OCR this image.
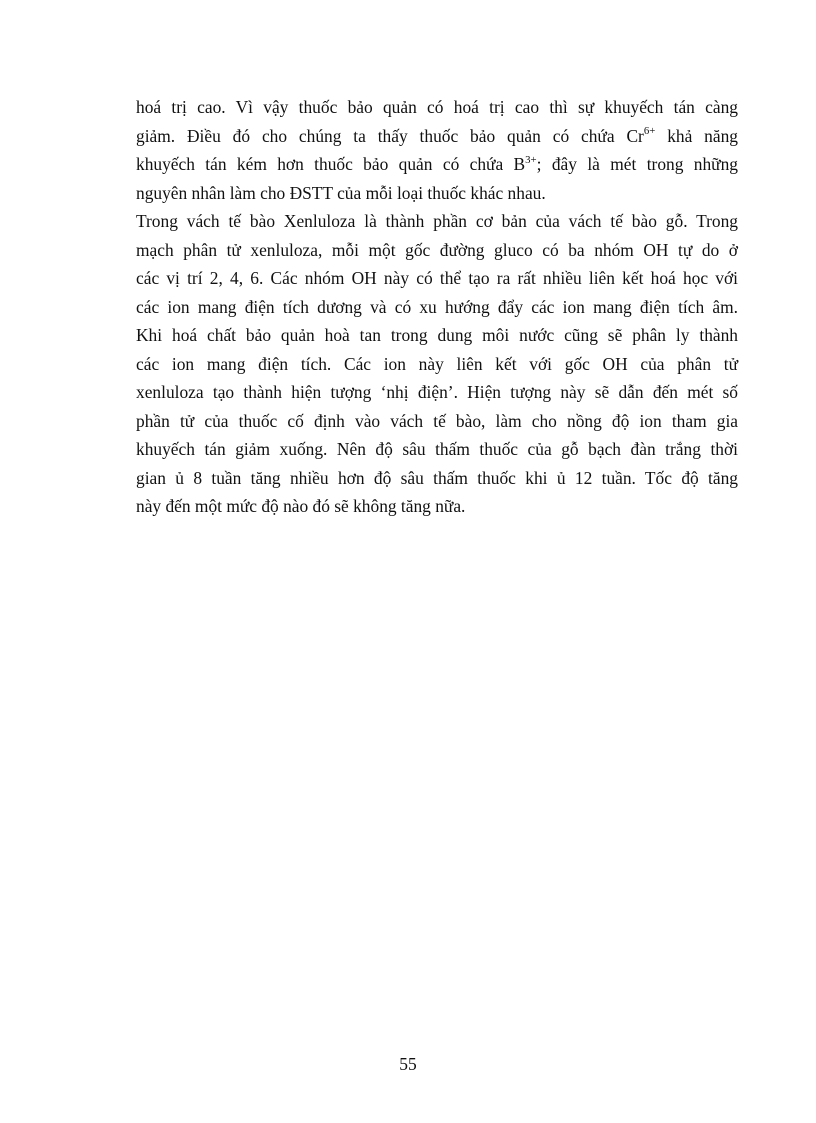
hoá trị cao. Vì vậy thuốc bảo quản có hoá trị cao thì sự khuyếch tán càng
giảm. Điều đó cho chúng ta thấy thuốc bảo quản có chứa $Cr^{6+}$ khả năng
khuyếch tán kém hơn thuốc bảo quản có chứa $B^{3+}$; đây là mét trong những
nguyên nhân làm cho ĐSTT của mỗi loại thuốc khác nhau.
Trong vách tế bào Xenluloza là thành phần cơ bản của vách tế bào gỗ. Trong
mạch phân tử xenluloza, mỗi một gốc đường gluco có ba nhóm OH tự do ở
các vị trí 2, 4, 6. Các nhóm OH này có thể tạo ra rất nhiều liên kết hoá học với
các ion mang điện tích dương và có xu hướng đẩy các ion mang điện tích âm.
Khi hoá chất bảo quản hoà tan trong dung môi nước cũng sẽ phân ly thành
các ion mang điện tích. Các ion này liên kết với gốc OH của phân tử
xenluloza tạo thành hiện tượng ‘nhị điện’. Hiện tượng này sẽ dẫn đến mét số
phần tử của thuốc cố định vào vách tế bào, làm cho nồng độ ion tham gia
khuyếch tán giảm xuống. Nên độ sâu thấm thuốc của gỗ bạch đàn trắng thời
gian ủ 8 tuần tăng nhiều hơn độ sâu thấm thuốc khi ủ 12 tuần. Tốc độ tăng
này đến một mức độ nào đó sẽ không tăng nữa.
55
